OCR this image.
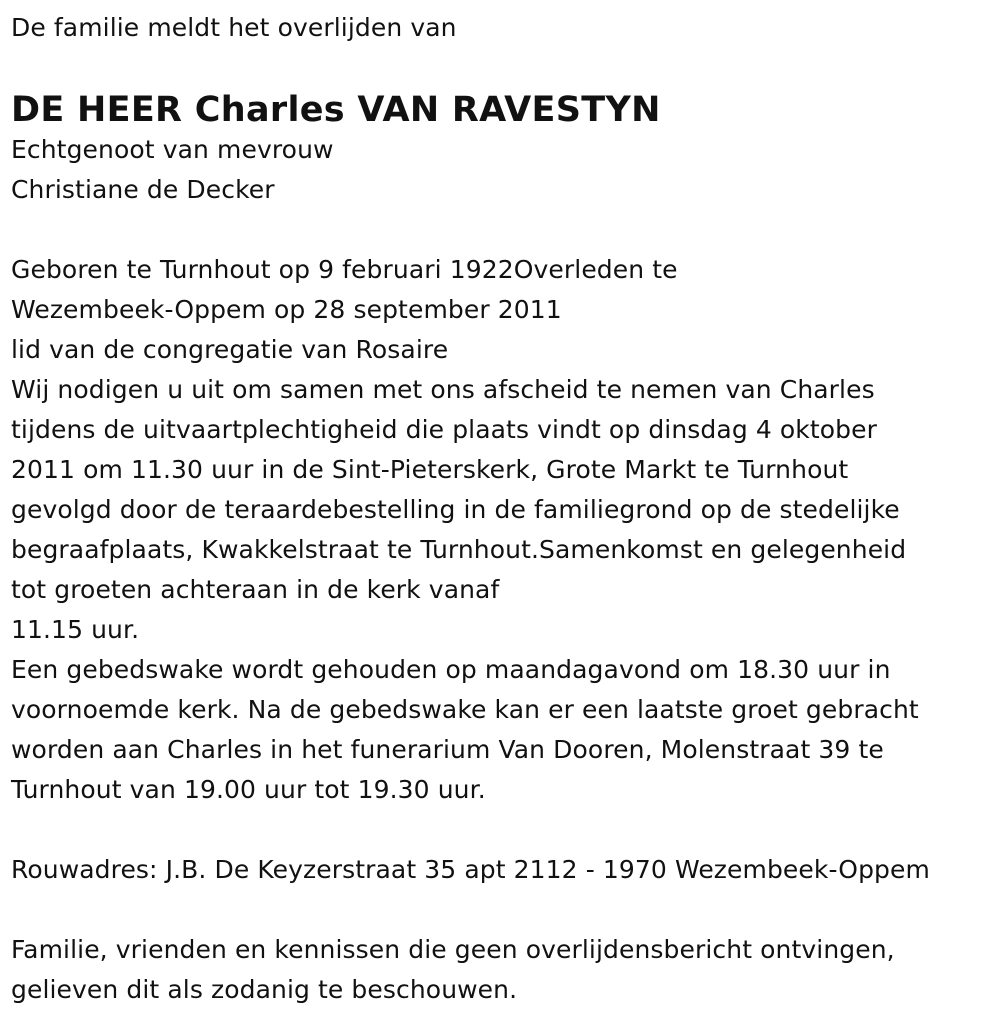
De familie meldt het overlijden van
DE HEER Charles VAN RAVESTYN
Echtgenoot van mevrouw
Christiane de Decker
Geboren te Turnhout op 9 februari 1922Overleden te
Wezembeek-Oppem op 28 september 2011
lid van de congregatie van Rosaire
Wij nodigen u uit om samen met ons afscheid te nemen van Charles
tijdens de uitvaartplechtigheid die plaats vindt op dinsdag 4 oktober
2011 om 11.30 uur in de Sint-Pieterskerk, Grote Markt te Turnhout
gevolgd door de teraardebestelling in de familiegrond op de stedelijke
begraafplaats, Kwakkelstraat te Turnhout.Samenkomst en gelegenheid
tot groeten achteraan in de kerk vanaf
11.15 uur.
Een gebedswake wordt gehouden op maandagavond om 18.30 uur in
voornoemde kerk. Na de gebedswake kan er een laatste groet gebracht
worden aan Charles in het funerarium Van Dooren, Molenstraat 39 te
Turnhout van 19.00 uur tot 19.30 uur.
Rouwadres: J.B. De Keyzerstraat 35 apt 2112 - 1970 Wezembeek-Oppem
Familie, vrienden en kennissen die geen overlijdensbericht ontvingen,
gelieven dit als zodanig te beschouwen.
